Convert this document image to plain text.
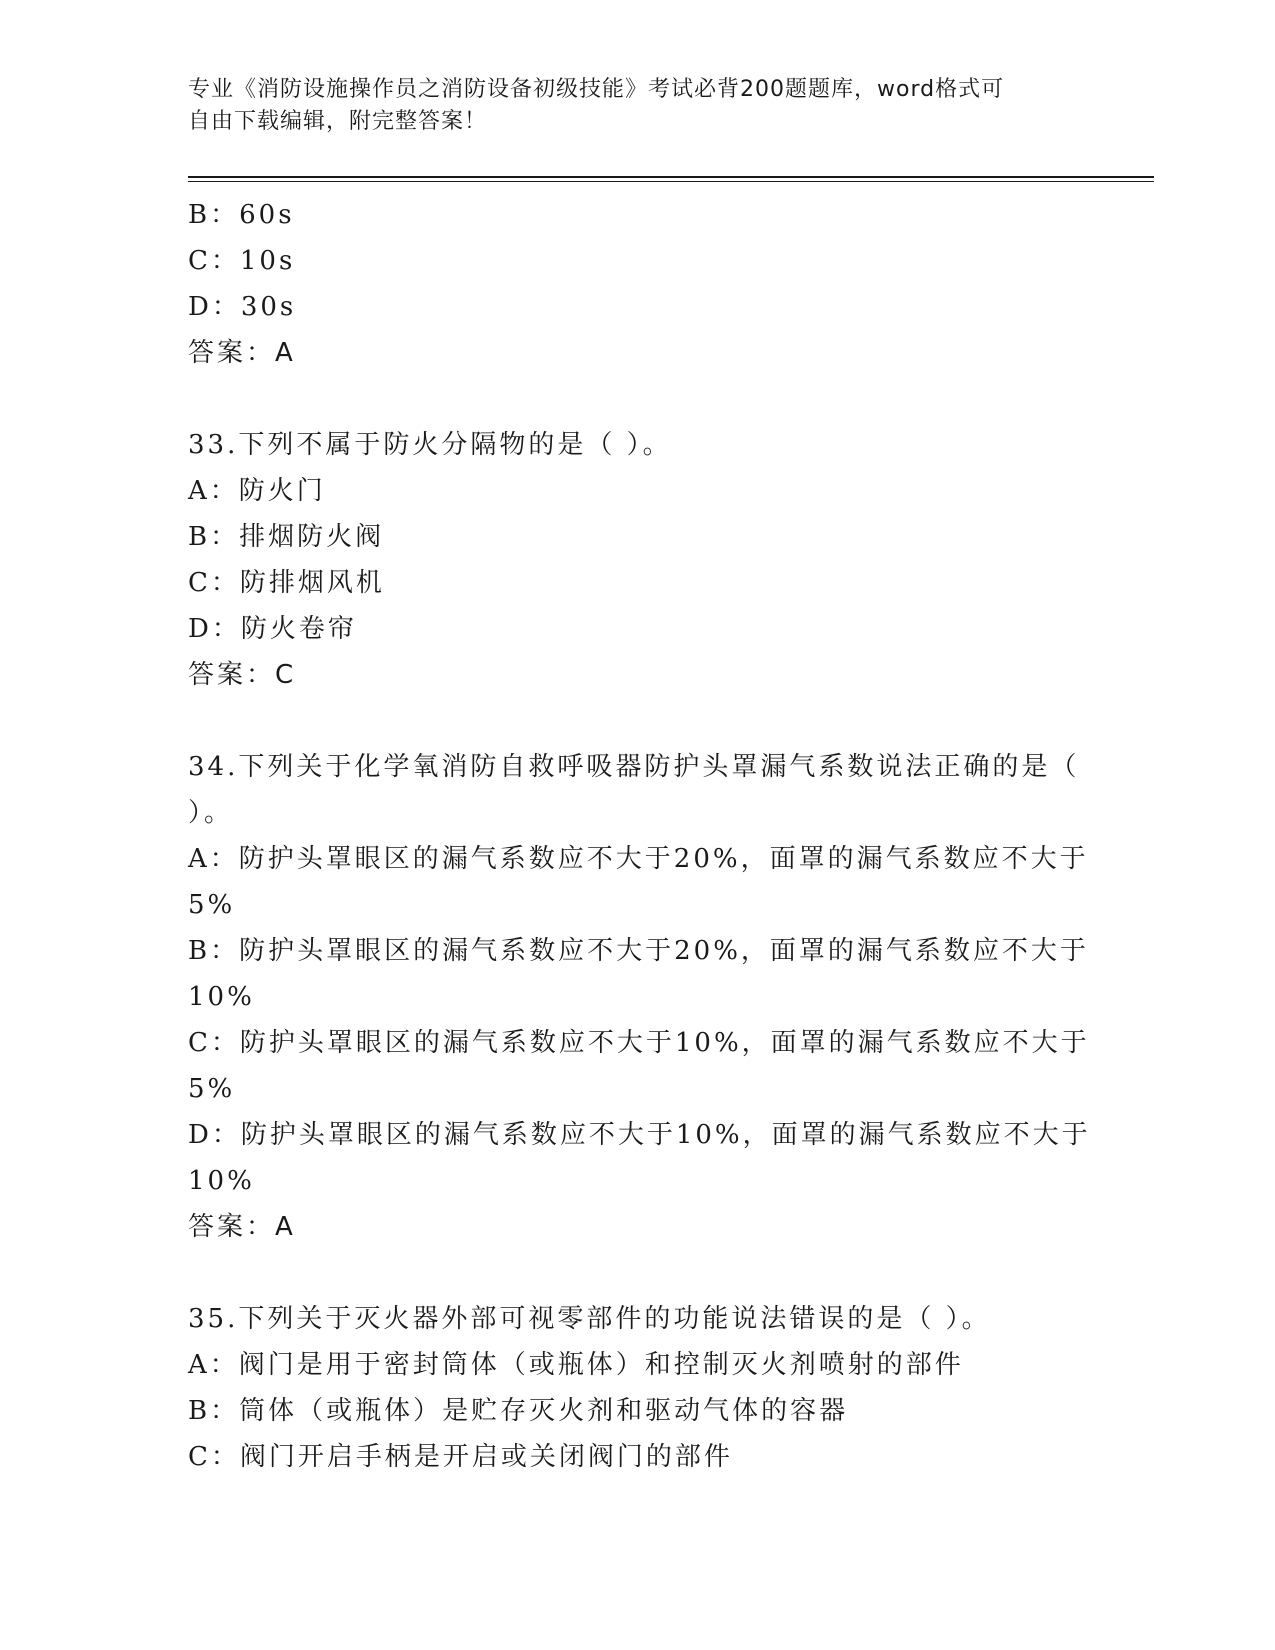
专业《消防设施操作员之消防设备初级技能》考试必背200题题库，word格式可
自由下载编辑，附完整答案！
B：60s
C：10s
D：30s
答案：A
33.下列不属于防火分隔物的是（ ）。
A：防火门
B：排烟防火阀
C：防排烟风机
D：防火卷帘
答案：C
34.下列关于化学氧消防自救呼吸器防护头罩漏气系数说法正确的是（
）。
A：防护头罩眼区的漏气系数应不大于20%，面罩的漏气系数应不大于
5%
B：防护头罩眼区的漏气系数应不大于20%，面罩的漏气系数应不大于
10%
C：防护头罩眼区的漏气系数应不大于10%，面罩的漏气系数应不大于
5%
D：防护头罩眼区的漏气系数应不大于10%，面罩的漏气系数应不大于
10%
答案：A
35.下列关于灭火器外部可视零部件的功能说法错误的是（ ）。
A：阀门是用于密封筒体（或瓶体）和控制灭火剂喷射的部件
B：筒体（或瓶体）是贮存灭火剂和驱动气体的容器
C：阀门开启手柄是开启或关闭阀门的部件
